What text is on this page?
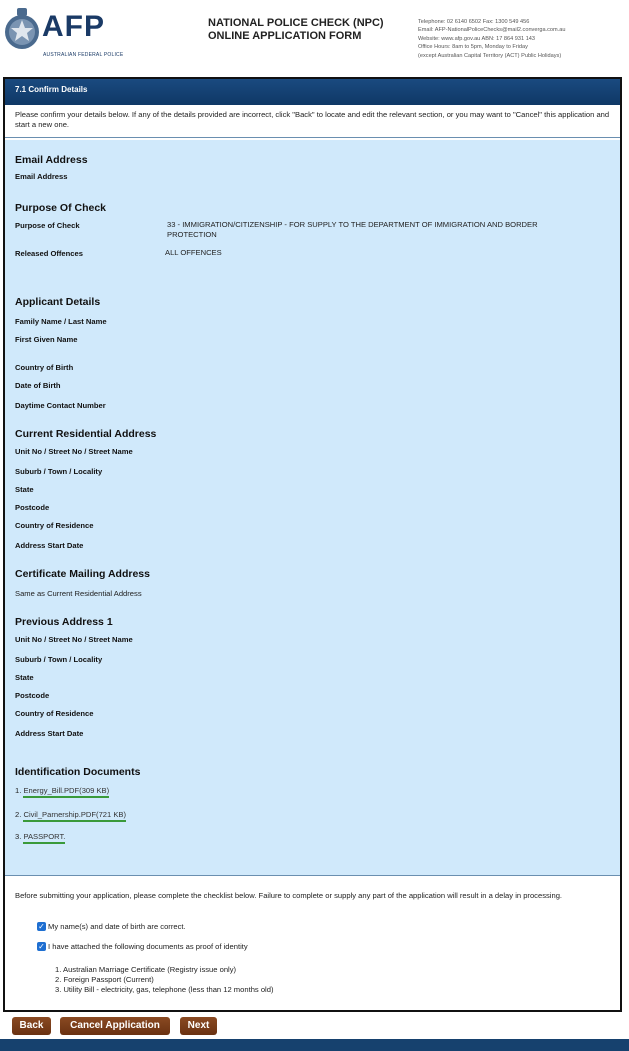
AFP
AUSTRALIAN FEDERAL POLICE
NATIONAL POLICE CHECK (NPC)
ONLINE APPLICATION FORM
Telephone: 02 6140 6502 Fax: 1300 549 456
Email: AFP-NationalPoliceChecks@mail2.converga.com.au
Website: www.afp.gov.au ABN: 17 864 931 143
Office Hours: 8am to 5pm, Monday to Friday
(except Australian Capital Territory (ACT) Public Holidays)
7.1 Confirm Details
Please confirm your details below. If any of the details provided are incorrect, click "Back" to locate and edit the relevant section, or you may want to "Cancel" this application and start a new one.
Email Address
Email Address
Purpose Of Check
Purpose of Check	33 - IMMIGRATION/CITIZENSHIP - FOR SUPPLY TO THE DEPARTMENT OF IMMIGRATION AND BORDER PROTECTION
Released Offences	ALL OFFENCES
Applicant Details
Family Name / Last Name
First Given Name
Country of Birth
Date of Birth
Daytime Contact Number
Current Residential Address
Unit No / Street No / Street Name
Suburb / Town / Locality
State
Postcode
Country of Residence
Address Start Date
Certificate Mailing Address
Same as Current Residential Address
Previous Address 1
Unit No / Street No / Street Name
Suburb / Town / Locality
State
Postcode
Country of Residence
Address Start Date
Identification Documents
1. Energy_Bill.PDF(309 KB)
2. Civil_Parnership.PDF(721 KB)
3. PASSPORT.
Before submitting your application, please complete the checklist below. Failure to complete or supply any part of the application will result in a delay in processing.
✓ My name(s) and date of birth are correct.
✓ I have attached the following documents as proof of identity
1. Australian Marriage Certificate (Registry issue only)
2. Foreign Passport (Current)
3. Utility Bill - electricity, gas, telephone (less than 12 months old)
Back	Cancel Application	Next
